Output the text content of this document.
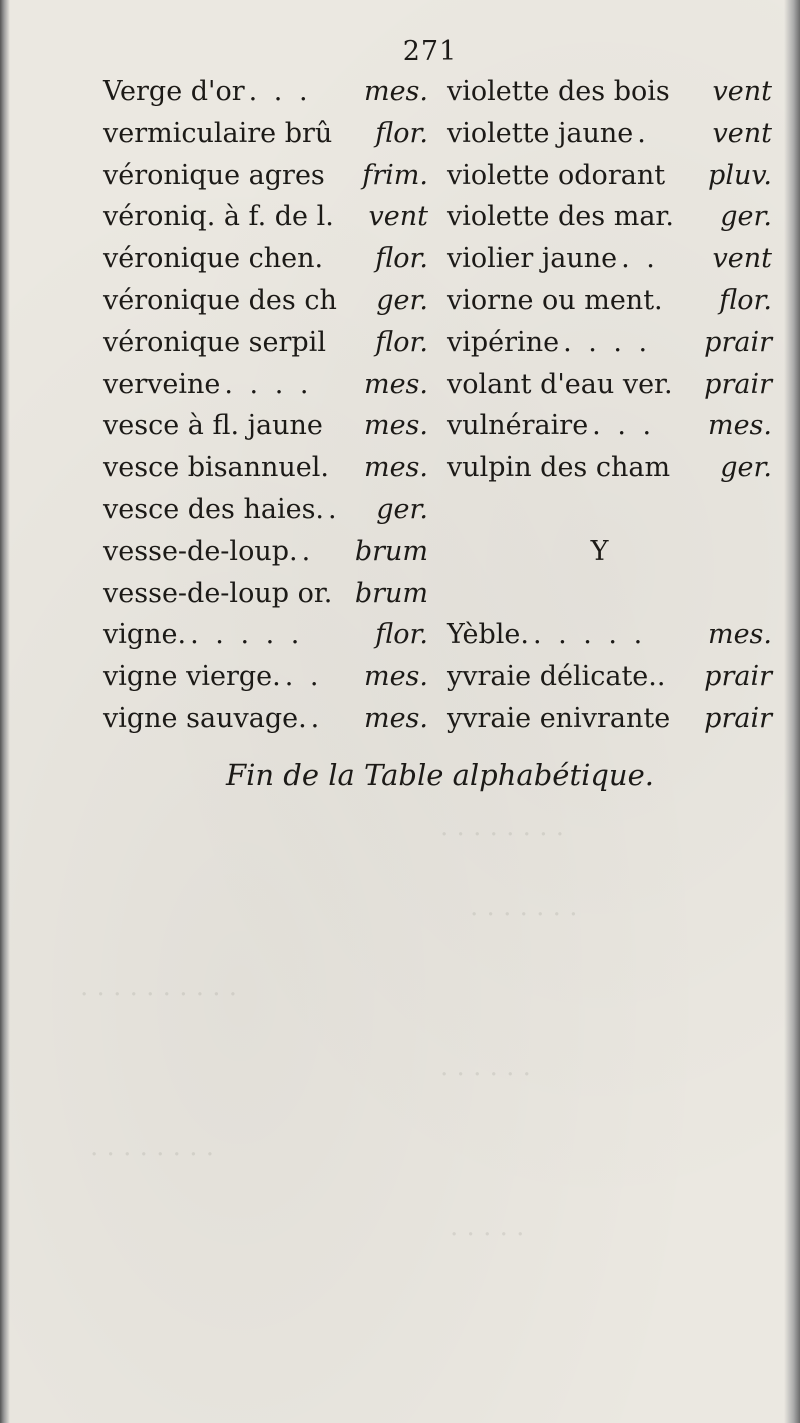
· · · · · · · ·
· · · · · · ·
· · · · · · · · · ·
· · · · · ·
· · · · · · · ·
· · · · ·
271
Verge d'or . . .	mes.
vermiculaire brû flor.
véronique agres frim.
véroniq. à f. de l. vent
véronique chen. flor.
véronique des ch ger.
véronique serpil flor.
verveine . . . .	mes.
vesce à fl. jaune mes.
vesce bisannuel. mes.
vesce des haies. .	ger.
vesse-de-loup. .	brum
vesse-de-loup or. brum
vigne. . . . . .	flor.
vigne vierge. . .	mes.
vigne sauvage. .	mes.
violette des bois vent
violette jaune .	vent
violette odorant pluv.
violette des mar. ger.
violier jaune . .	vent
viorne ou ment. flor.
vipérine . . . .	prair
volant d'eau ver. prair
vulnéraire . . .	mes.
vulpin des cham ger.
Y
Yèble. . . . . .	mes.
yvraie délicate.. prair
yvraie enivrante prair
Fin de la Table alphabétique.
